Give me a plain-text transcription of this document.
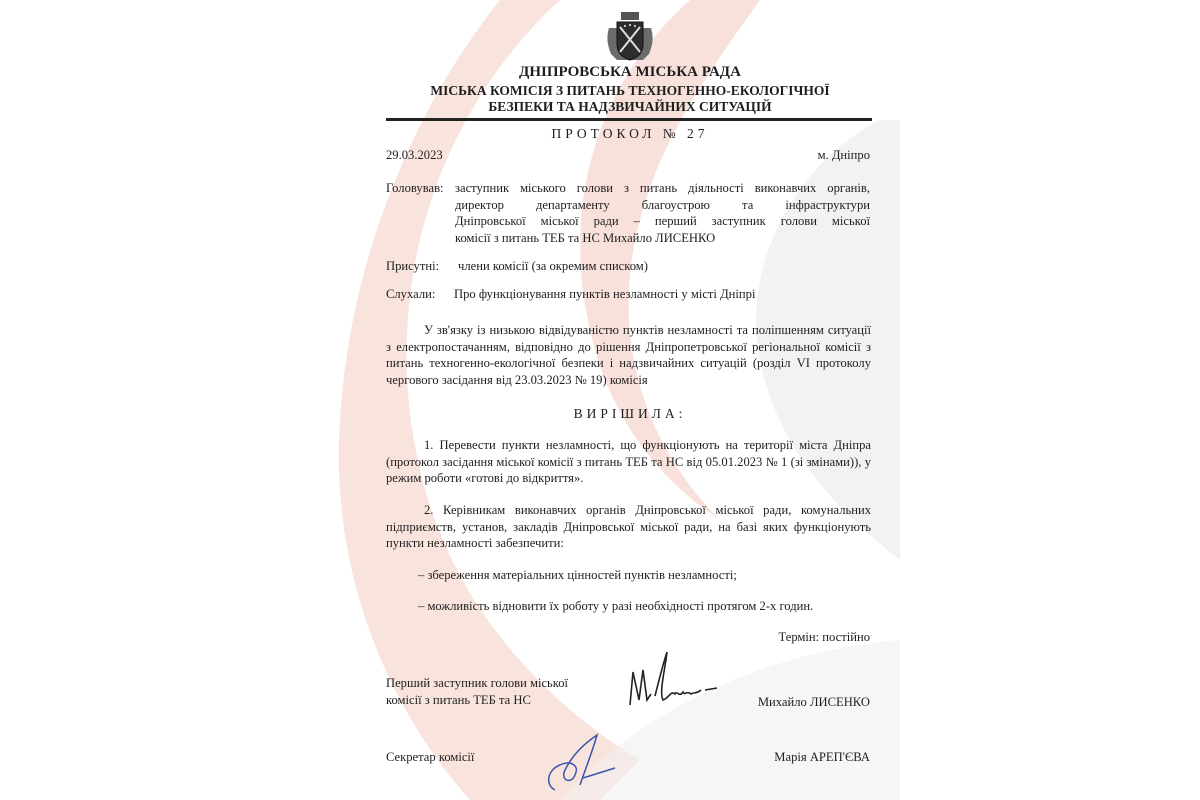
ДНІПРОВСЬКА МІСЬКА РАДА
МІСЬКА КОМІСІЯ З ПИТАНЬ ТЕХНОГЕННО-ЕКОЛОГІЧНОЇ
БЕЗПЕКИ ТА НАДЗВИЧАЙНИХ СИТУАЦІЙ
ПРОТОКОЛ № 27
29.03.2023	м. Дніпро
Головував: заступник міського голови з питань діяльності виконавчих органів,
директор департаменту благоустрою та інфраструктури
Дніпровської міської ради – перший заступник голови міської
комісії з питань ТЕБ та НС Михайло ЛИСЕНКО
Присутні: члени комісії (за окремим списком)
Слухали: Про функціонування пунктів незламності у місті Дніпрі
У зв'язку із низькою відвідуваністю пунктів незламності та поліпшенням ситуації з електропостачанням, відповідно до рішення Дніпропетровської регіональної комісії з питань техногенно-екологічної безпеки і надзвичайних ситуацій (розділ VI протоколу чергового засідання від 23.03.2023 № 19) комісія
ВИРІШИЛА:
1. Перевести пункти незламності, що функціонують на території міста Дніпра (протокол засідання міської комісії з питань ТЕБ та НС від 05.01.2023 № 1 (зі змінами)), у режим роботи «готові до відкриття».
2. Керівникам виконавчих органів Дніпровської міської ради, комунальних підприємств, установ, закладів Дніпровської міської ради, на базі яких функціонують пункти незламності забезпечити:
– збереження матеріальних цінностей пунктів незламності;
– можливість відновити їх роботу у разі необхідності протягом 2-х годин.
Термін: постійно
Перший заступник голови міської
комісії з питань ТЕБ та НС	Михайло ЛИСЕНКО
Секретар комісії	Марія АРЕП'ЄВА
